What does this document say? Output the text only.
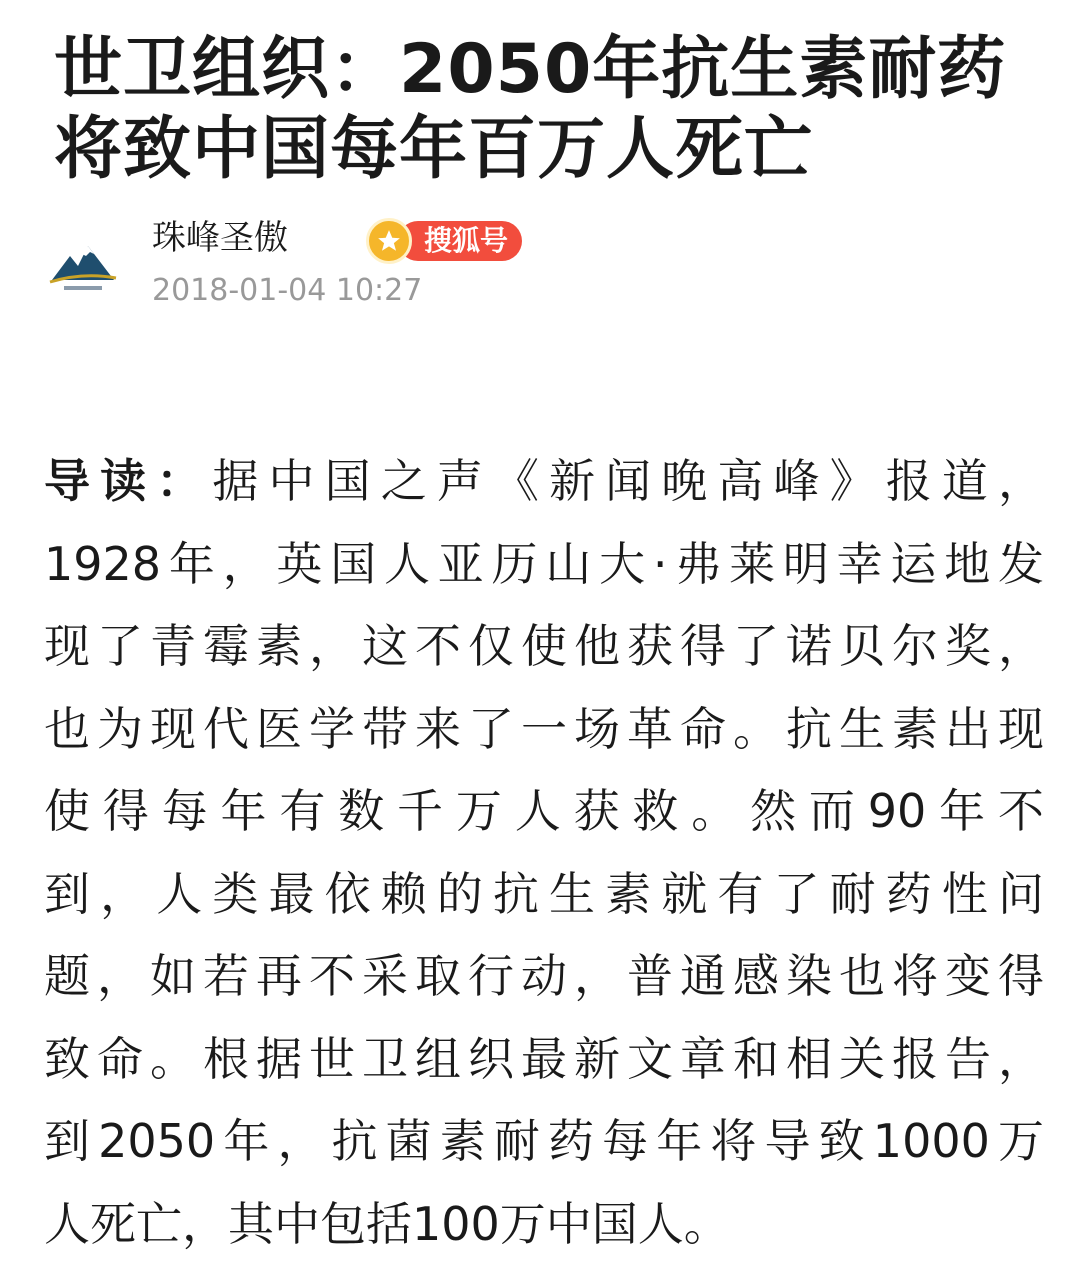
世卫组织：2050年抗生素耐药
将致中国每年百万人死亡
珠峰圣傲	搜狐号
2018-01-04 10:27
导读：据中国之声《新闻晚高峰》报道，
1928年，英国人亚历山大·弗莱明幸运地发
现了青霉素，这不仅使他获得了诺贝尔奖，
也为现代医学带来了一场革命。抗生素出现
使得每年有数千万人获救。然而90年不
到，人类最依赖的抗生素就有了耐药性问
题，如若再不采取行动，普通感染也将变得
致命。根据世卫组织最新文章和相关报告，
到2050年，抗菌素耐药每年将导致1000万
人死亡，其中包括100万中国人。
